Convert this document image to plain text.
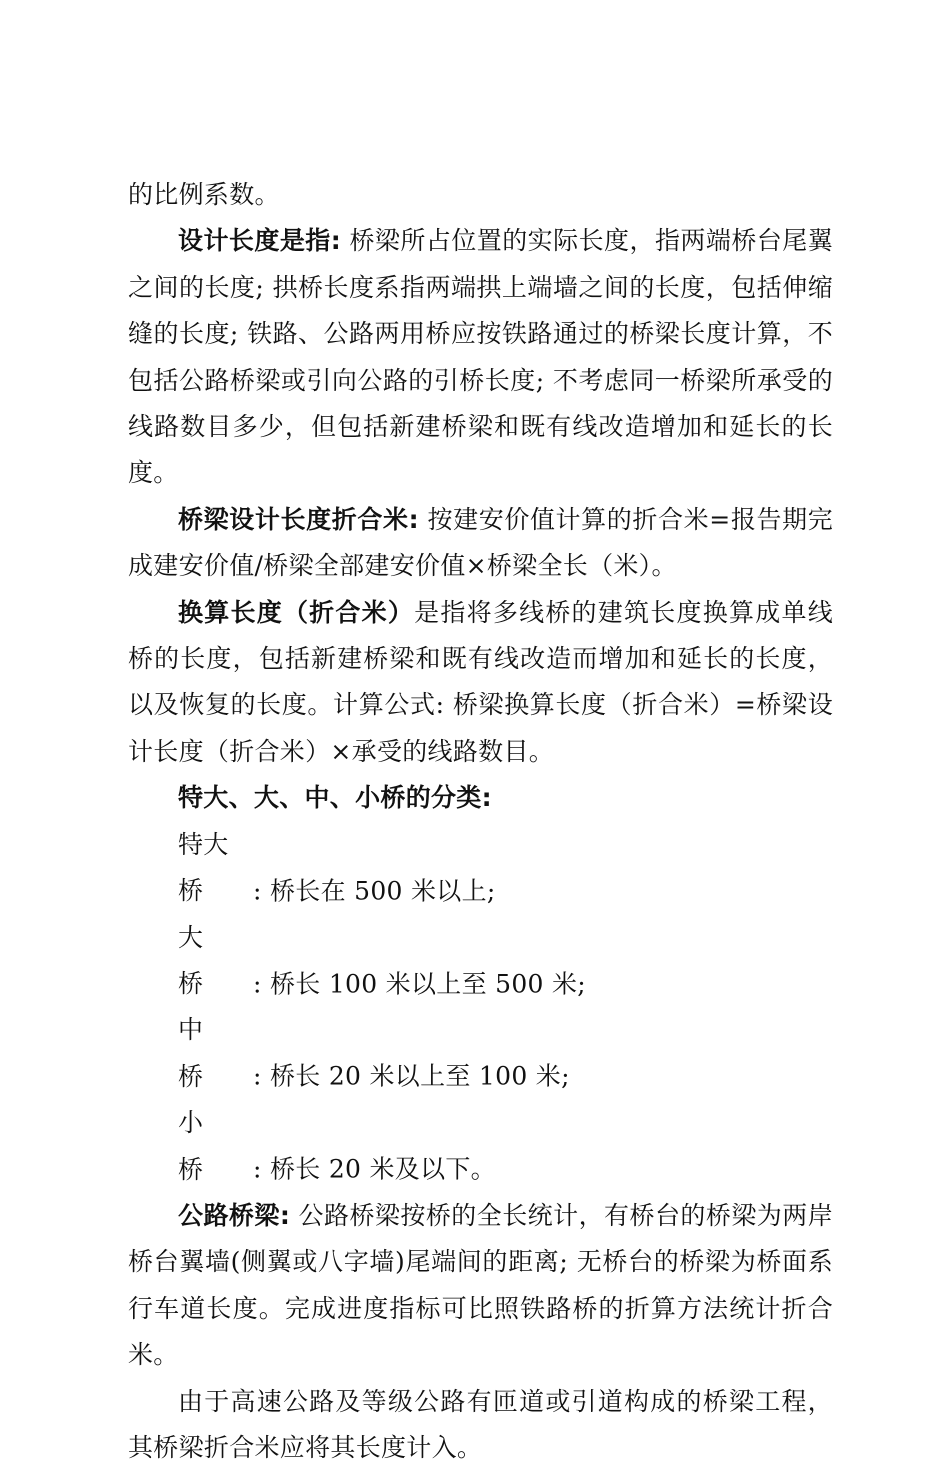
的比例系数。

设计长度是指: 桥梁所占位置的实际长度，指两端桥台尾翼之间的长度; 拱桥长度系指两端拱上端墙之间的长度，包括伸缩缝的长度; 铁路、公路两用桥应按铁路通过的桥梁长度计算，不包括公路桥梁或引向公路的引桥长度; 不考虑同一桥梁所承受的线路数目多少，但包括新建桥梁和既有线改造增加和延长的长度。

桥梁设计长度折合米: 按建安价值计算的折合米=报告期完成建安价值/桥梁全部建安价值×桥梁全长（米）。

换算长度（折合米）是指将多线桥的建筑长度换算成单线桥的长度，包括新建桥梁和既有线改造而增加和延长的长度，以及恢复的长度。计算公式: 桥梁换算长度（折合米）=桥梁设计长度（折合米）×承受的线路数目。

特大、大、中、小桥的分类:

特大桥 : 桥长在 500 米以上;

大　桥 : 桥长 100 米以上至 500 米;

中　桥 : 桥长 20 米以上至 100 米;

小　桥 : 桥长 20 米及以下。

公路桥梁: 公路桥梁按桥的全长统计，有桥台的桥梁为两岸桥台翼墙(侧翼或八字墙)尾端间的距离; 无桥台的桥梁为桥面系行车道长度。完成进度指标可比照铁路桥的折算方法统计折合米。

由于高速公路及等级公路有匝道或引道构成的桥梁工程，其桥梁折合米应将其长度计入。
